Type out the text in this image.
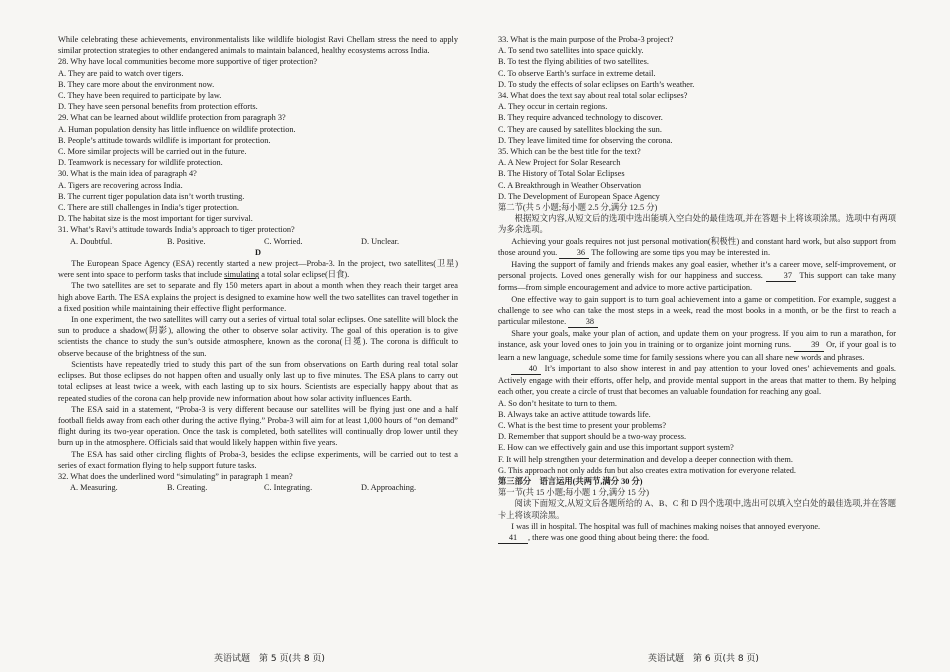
While celebrating these achievements, environmentalists like wildlife biologist Ravi Chellam stress the need to apply similar protection strategies to other endangered animals to maintain balanced, healthy ecosystems across India.

28. Why have local communities become more supportive of tiger protection?

A. They are paid to watch over tigers.

B. They care more about the environment now.

C. They have been required to participate by law.

D. They have seen personal benefits from protection efforts.

29. What can be learned about wildlife protection from paragraph 3?

A. Human population density has little influence on wildlife protection.

B. People’s attitude towards wildlife is important for protection.

C. More similar projects will be carried out in the future.

D. Teamwork is necessary for wildlife protection.

30. What is the main idea of paragraph 4?

A. Tigers are recovering across India.

B. The current tiger population data isn’t worth trusting.

C. There are still challenges in India’s tiger protection.

D. The habitat size is the most important for tiger survival.

31. What’s Ravi’s attitude towards India’s approach to tiger protection?

A. Doubtful.	B. Positive.	C. Worried.	D. Unclear.

D

The European Space Agency (ESA) recently started a new project—Proba-3. In the project, two satellites(卫星) were sent into space to perform tasks that include simulating a total solar eclipse(日食).

The two satellites are set to separate and fly 150 meters apart in about a month when they reach their target area high above Earth. The ESA explains the project is designed to examine how well the two satellites can travel together in a fixed position while maintaining their effective flight performance.

In one experiment, the two satellites will carry out a series of virtual total solar eclipses. One satellite will block the sun to produce a shadow(阴影), allowing the other to observe solar activity. The goal of this operation is to give scientists the chance to study the sun’s outside atmosphere, known as the corona(日冕). The corona is difficult to observe because of the brightness of the sun.

Scientists have repeatedly tried to study this part of the sun from observations on Earth during real total solar eclipses. But those eclipses do not happen often and usually only last up to five minutes. The ESA plans to carry out total eclipses at least twice a week, with each lasting up to six hours. Scientists are especially happy about that as repeated studies of the corona can help provide new information about how solar activity influences Earth.

The ESA said in a statement, “Proba-3 is very different because our satellites will be flying just one and a half football fields away from each other during the active flying.” Proba-3 will aim for at least 1,000 hours of “on demand” flight during its two-year operation. Once the task is completed, both satellites will continually drop lower until they burn up in the atmosphere. Officials said that would likely happen within five years.

The ESA has said other circling flights of Proba-3, besides the eclipse experiments, will be carried out to test a series of exact formation flying to help support future tasks.

32. What does the underlined word “simulating” in paragraph 1 mean?

A. Measuring.	B. Creating.	C. Integrating.	D. Approaching.

33. What is the main purpose of the Proba-3 project?

A. To send two satellites into space quickly.

B. To test the flying abilities of two satellites.

C. To observe Earth’s surface in extreme detail.

D. To study the effects of solar eclipses on Earth’s weather.

34. What does the text say about real total solar eclipses?

A. They occur in certain regions.

B. They require advanced technology to discover.

C. They are caused by satellites blocking the sun.

D. They leave limited time for observing the corona.

35. Which can be the best title for the text?

A. A New Project for Solar Research

B. The History of Total Solar Eclipses

C. A Breakthrough in Weather Observation

D. The Development of European Space Agency

第二节(共 5 小题;每小题 2.5 分,满分 12.5 分)

根据短文内容,从短文后的选项中选出能填入空白处的最佳选项,并在答题卡上将该项涂黑。选项中有两项为多余选项。

Achieving your goals requires not just personal motivation(积极性) and constant hard work, but also support from those around you. 36 The following are some tips you may be interested in.

Having the support of family and friends makes any goal easier, whether it’s a career move, self-improvement, or personal projects. Loved ones generally wish for our happiness and success.	37 This support can take many forms—from simple encouragement and advice to more active participation.

One effective way to gain support is to turn goal achievement into a game or competition. For example, suggest a challenge to see who can take the most steps in a week, read the most books in a month, or be the first to reach a particular milestone. 38

Share your goals, make your plan of action, and update them on your progress. If you aim to run a marathon, for instance, ask your loved ones to join you in training or to organize joint morning runs. 39 Or, if your goal is to learn a new language, schedule some time for family sessions where you can all share new words and phrases.

40 It’s important to also show interest in and pay attention to your loved ones’ achievements and goals. Actively engage with their efforts, offer help, and provide mental support in the areas that matter to them. By helping each other, you create a circle of trust that becomes an valuable foundation for reaching any goal.

A. So don’t hesitate to turn to them.

B. Always take an active attitude towards life.

C. What is the best time to present your problems?

D. Remember that support should be a two-way process.

E. How can we effectively gain and use this important support system?

F. It will help strengthen your determination and develop a deeper connection with them.

G. This approach not only adds fun but also creates extra motivation for everyone related.

第三部分　语言运用(共两节,满分 30 分)

第一节(共 15 小题;每小题 1 分,满分 15 分)

阅读下面短文,从短文后各题所给的 A、B、C 和 D 四个选项中,选出可以填入空白处的最佳选项,并在答题卡上将该项涂黑。

I was ill in hospital. The hospital was full of machines making noises that annoyed everyone.

41 , there was one good thing about being there: the food.

英语试题　第 5 页(共 8 页)	英语试题　第 6 页(共 8 页)
